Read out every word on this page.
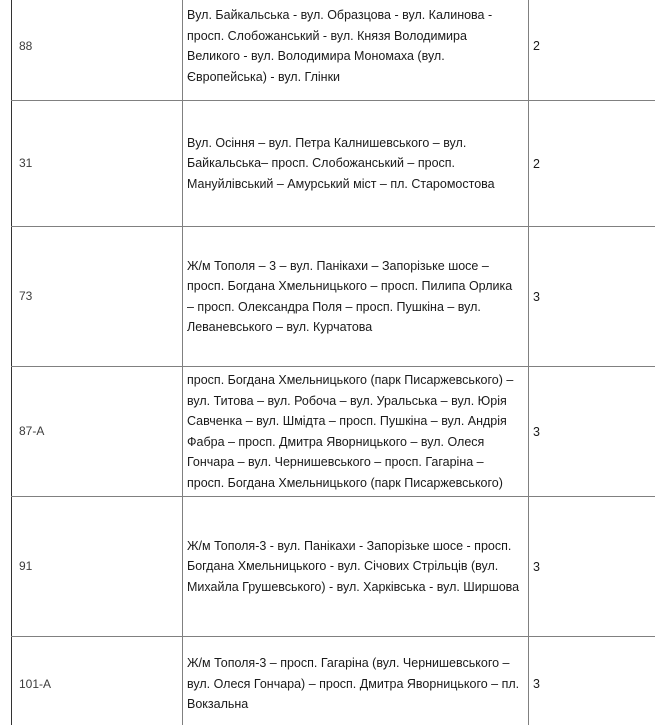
88	Вул. Байкальська - вул. Образцова - вул. Калинова - просп. Слобожанський - вул. Князя Володимира Великого - вул. Володимира Мономаха (вул. Європейська) - вул. Глінки	2
31	Вул. Осіння – вул. Петра Калнишевського – вул. Байкальська– просп. Слобожанський – просп. Мануйлівський – Амурський міст – пл. Старомостова	2
73	Ж/м Тополя – 3 – вул. Панікахи – Запорізьке шосе – просп. Богдана Хмельницького – просп. Пилипа Орлика – просп. Олександра Поля – просп. Пушкіна – вул. Леваневського – вул. Курчатова	3
87-А	просп. Богдана Хмельницького (парк Писаржевського) – вул. Титова – вул. Робоча – вул. Уральська – вул. Юрія Савченка – вул. Шмідта – просп. Пушкіна – вул. Андрія Фабра – просп. Дмитра Яворницького – вул. Олеся Гончара – вул. Чернишевського – просп. Гагаріна – просп. Богдана Хмельницького (парк Писаржевського)	3
91	Ж/м Тополя-3 - вул. Панікахи - Запорізьке шосе - просп. Богдана Хмельницького - вул. Січових Стрільців (вул. Михайла Грушевського) - вул. Харківська - вул. Ширшова	3
101-А	Ж/м Тополя-3 – просп. Гагаріна (вул. Чернишевського – вул. Олеся Гончара) – просп. Дмитра Яворницького – пл. Вокзальна	3
